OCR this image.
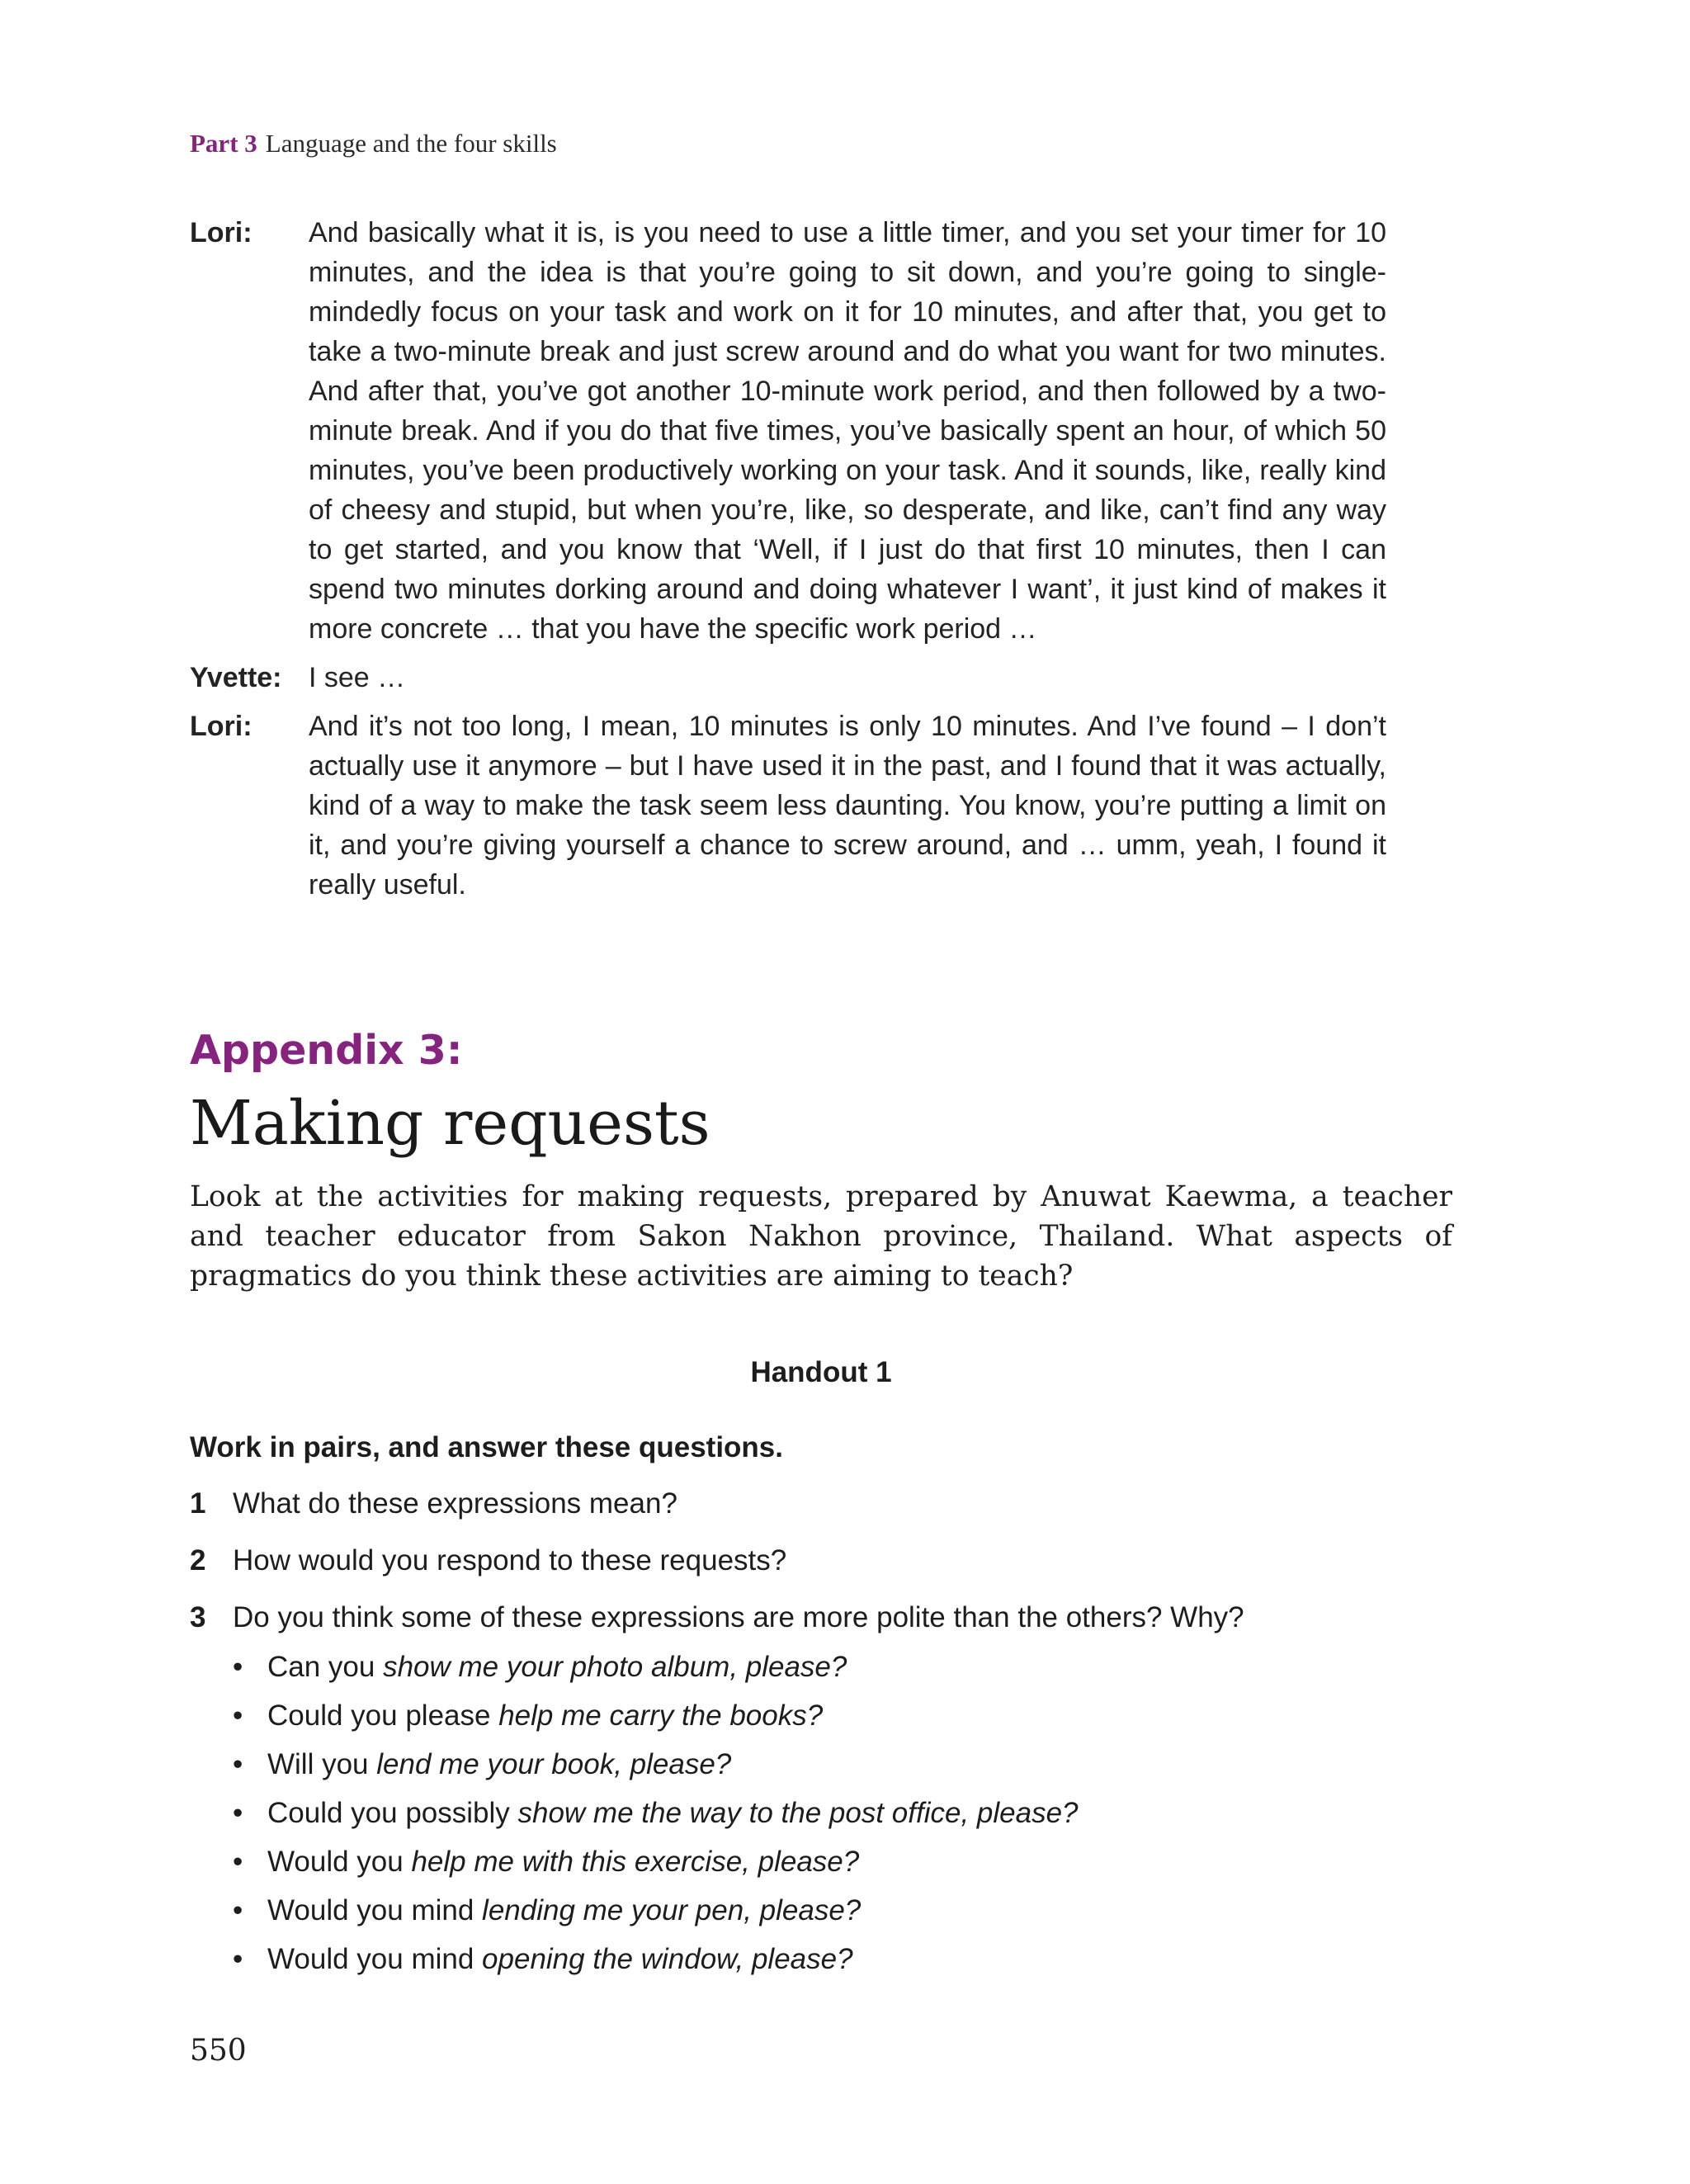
Part 3 Language and the four skills
Lori:	And basically what it is, is you need to use a little timer, and you set your timer for 10 minutes, and the idea is that you’re going to sit down, and you’re going to single-mindedly focus on your task and work on it for 10 minutes, and after that, you get to take a two-minute break and just screw around and do what you want for two minutes. And after that, you’ve got another 10-minute work period, and then followed by a two-minute break. And if you do that five times, you’ve basically spent an hour, of which 50 minutes, you’ve been productively working on your task. And it sounds, like, really kind of cheesy and stupid, but when you’re, like, so desperate, and like, can’t find any way to get started, and you know that ‘Well, if I just do that first 10 minutes, then I can spend two minutes dorking around and doing whatever I want’, it just kind of makes it more concrete … that you have the specific work period …
Yvette: I see …
Lori:	And it’s not too long, I mean, 10 minutes is only 10 minutes. And I’ve found – I don’t actually use it anymore – but I have used it in the past, and I found that it was actually, kind of a way to make the task seem less daunting. You know, you’re putting a limit on it, and you’re giving yourself a chance to screw around, and … umm, yeah, I found it really useful.
Appendix 3:
Making requests
Look at the activities for making requests, prepared by Anuwat Kaewma, a teacher and teacher educator from Sakon Nakhon province, Thailand. What aspects of pragmatics do you think these activities are aiming to teach?
Handout 1
Work in pairs, and answer these questions.
1 What do these expressions mean?
2 How would you respond to these requests?
3 Do you think some of these expressions are more polite than the others? Why?
• Can you show me your photo album, please?
• Could you please help me carry the books?
• Will you lend me your book, please?
• Could you possibly show me the way to the post office, please?
• Would you help me with this exercise, please?
• Would you mind lending me your pen, please?
• Would you mind opening the window, please?
550
